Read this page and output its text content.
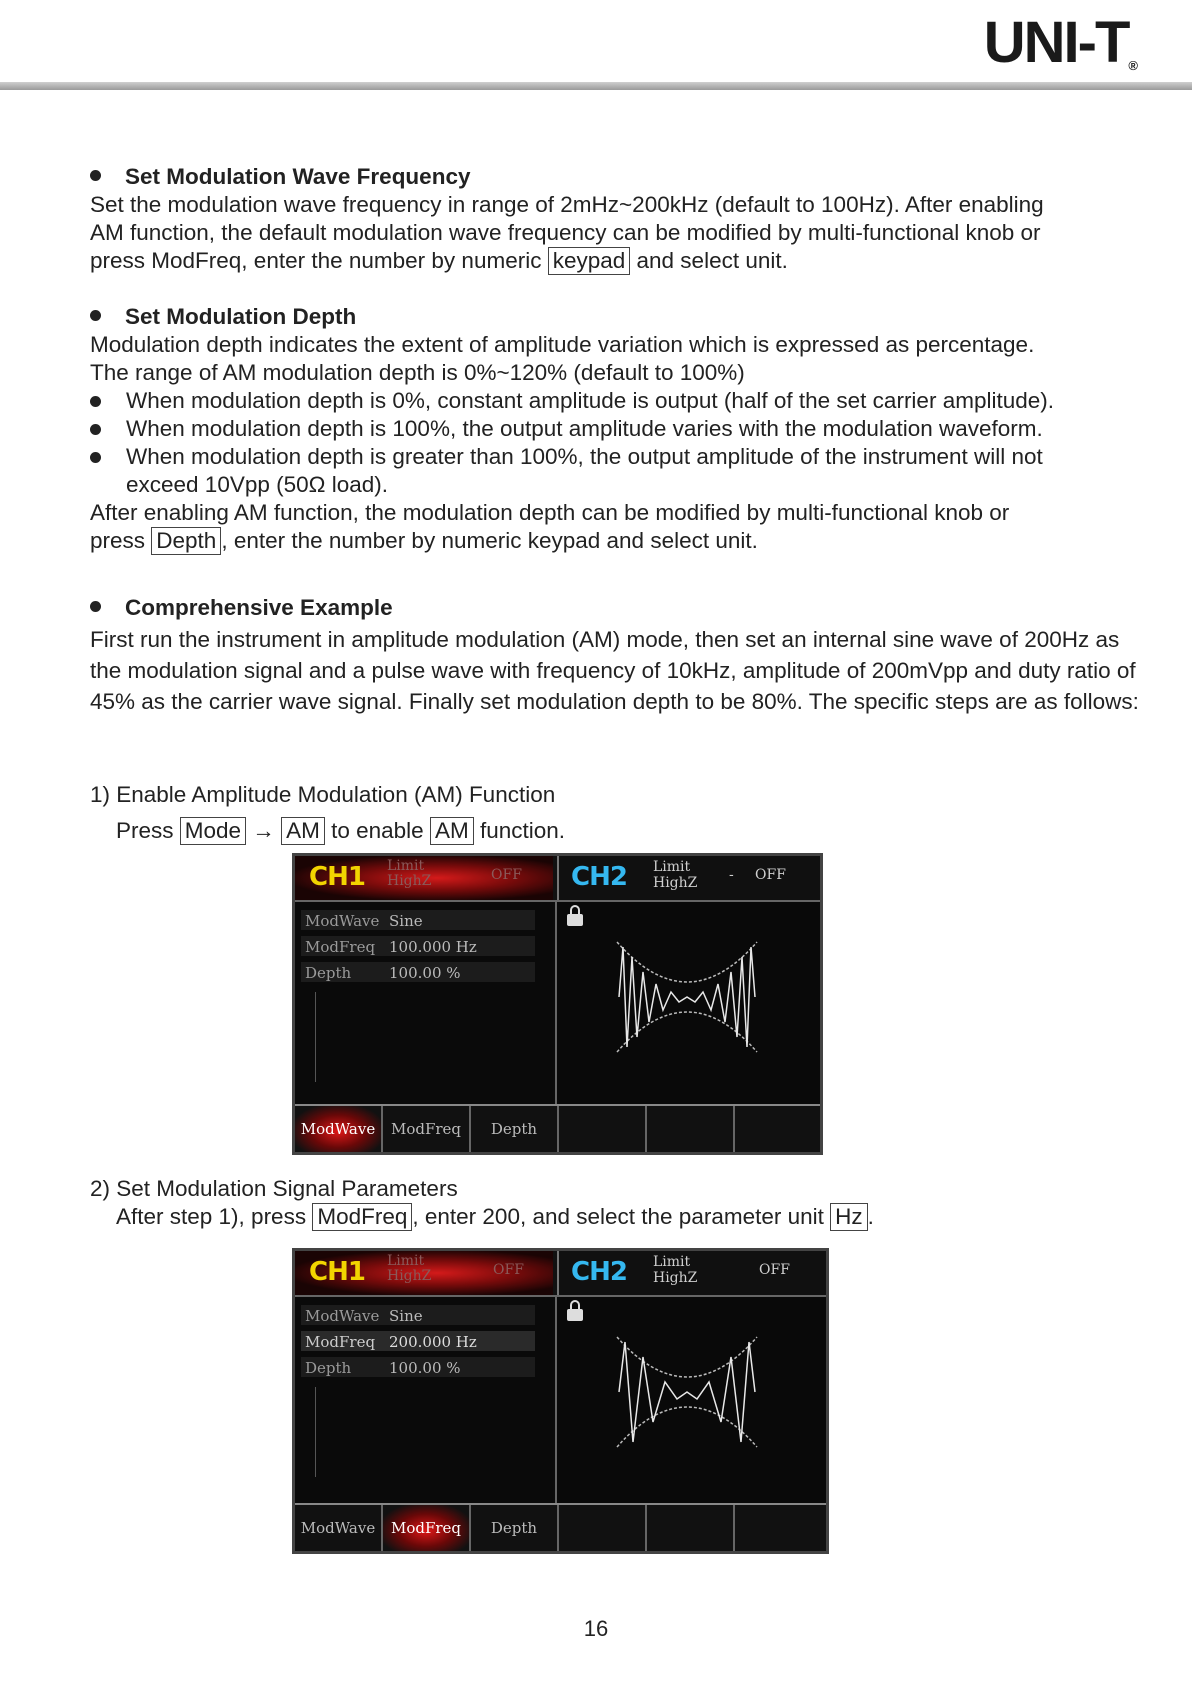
UNI-T®
Set Modulation Wave Frequency
Set the modulation wave frequency in range of 2mHz~200kHz (default to 100Hz). After enabling
AM function, the default modulation wave frequency can be modified by multi-functional knob or
press ModFreq, enter the number by numeric keypad and select unit.
Set Modulation Depth
Modulation depth indicates the extent of amplitude variation which is expressed as percentage.
The range of AM modulation depth is 0%~120% (default to 100%)
When modulation depth is 0%, constant amplitude is output (half of the set carrier amplitude).
When modulation depth is 100%, the output amplitude varies with the modulation waveform.
When modulation depth is greater than 100%, the output amplitude of the instrument will not exceed 10Vpp (50Ω load).
After enabling AM function, the modulation depth can be modified by multi-functional knob or
press Depth , enter the number by numeric keypad and select unit.
Comprehensive Example
First run the instrument in amplitude modulation (AM) mode, then set an internal sine wave of 200Hz as the modulation signal and a pulse wave with frequency of 10kHz, amplitude of 200mVpp and duty ratio of 45% as the carrier wave signal. Finally set modulation depth to be 80%. The specific steps are as follows:
1) Enable Amplitude Modulation (AM) Function
Press Mode → AM to enable AM function.
CH1 Limit
HighZ	OFF CH2 Limit
HighZ - OFF
ModWave Sine
ModFreq 100.000 Hz
Depth	100.00 %
ModWave	ModFreq	Depth
2) Set Modulation Signal Parameters
After step 1), press ModFreq , enter 200, and select the parameter unit Hz .
CH1 Limit
HighZ	OFF CH2 Limit
HighZ	OFF
ModWave Sine
ModFreq 200.000 Hz
Depth	100.00 %
ModWave	ModFreq	Depth
16
